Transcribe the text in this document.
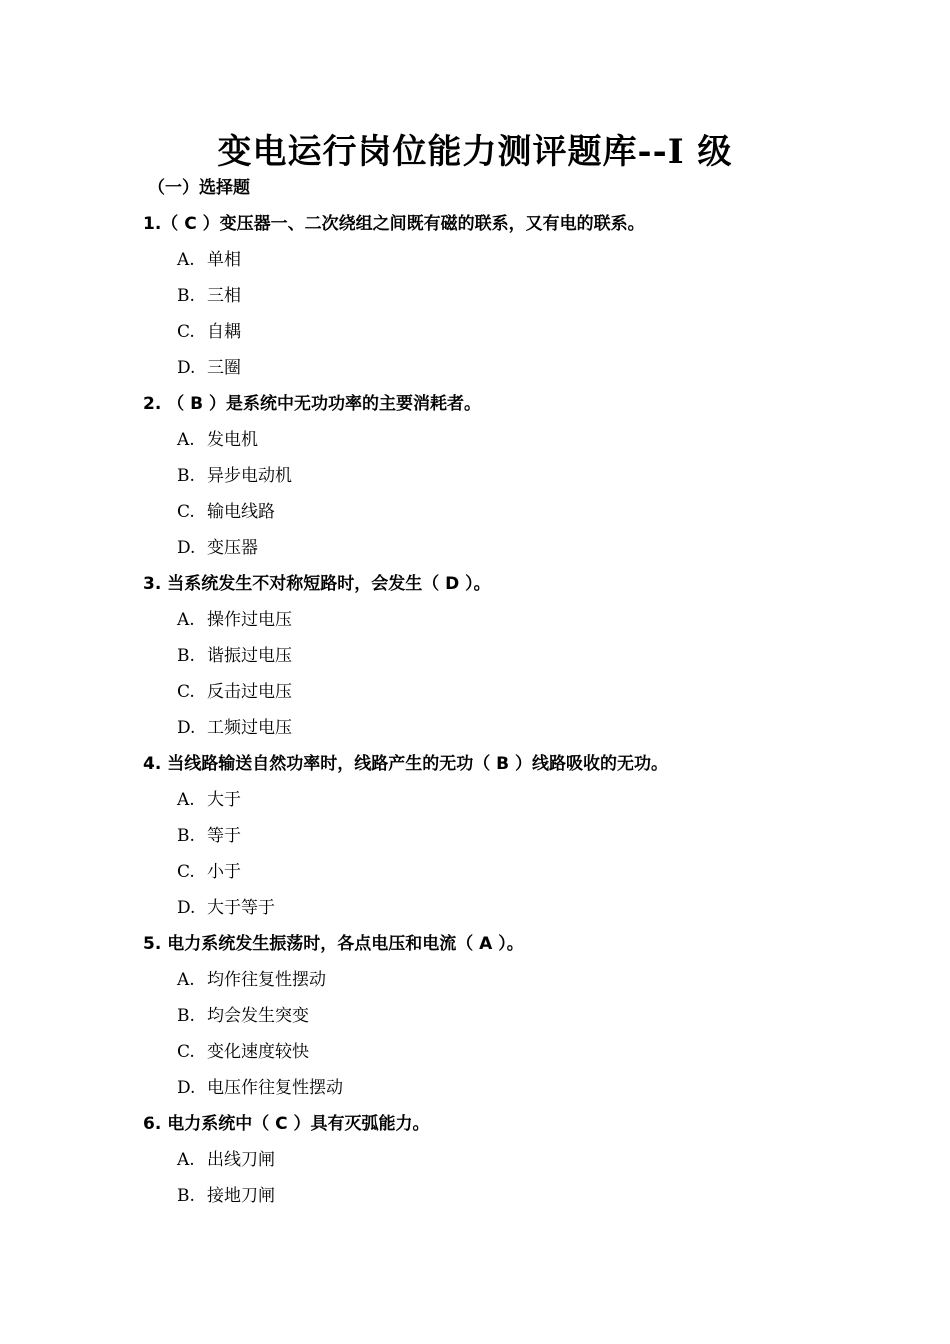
变电运行岗位能力测评题库--Ⅰ 级
（一）选择题
1.（ C ）变压器一、二次绕组之间既有磁的联系，又有电的联系。
A. 单相
B. 三相
C. 自耦
D. 三圈
2. （ B ）是系统中无功功率的主要消耗者。
A. 发电机
B. 异步电动机
C. 输电线路
D. 变压器
3. 当系统发生不对称短路时，会发生（ D ）。
A. 操作过电压
B. 谐振过电压
C. 反击过电压
D. 工频过电压
4. 当线路输送自然功率时，线路产生的无功（ B ）线路吸收的无功。
A. 大于
B. 等于
C. 小于
D. 大于等于
5. 电力系统发生振荡时，各点电压和电流（ A ）。
A. 均作往复性摆动
B. 均会发生突变
C. 变化速度较快
D. 电压作往复性摆动
6. 电力系统中（ C ）具有灭弧能力。
A. 出线刀闸
B. 接地刀闸
